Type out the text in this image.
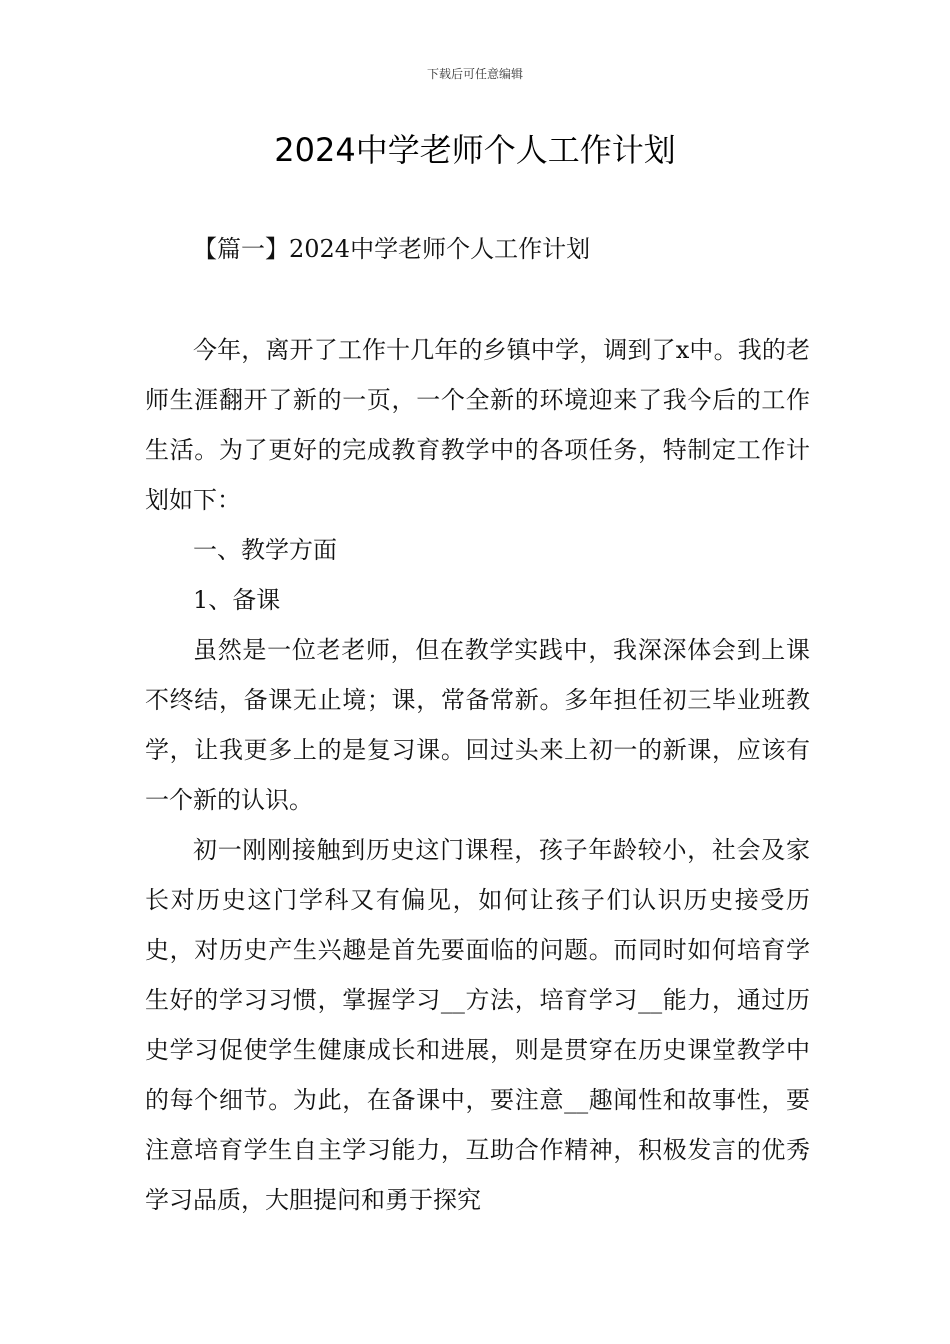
下载后可任意编辑
2024中学老师个人工作计划
【篇一】2024中学老师个人工作计划

今年，离开了工作十几年的乡镇中学，调到了x中。我的老师生涯翻开了新的一页，一个全新的环境迎来了我今后的工作生活。为了更好的完成教育教学中的各项任务，特制定工作计划如下：

一、教学方面

1、备课

虽然是一位老老师，但在教学实践中，我深深体会到上课不终结，备课无止境；课，常备常新。多年担任初三毕业班教学，让我更多上的是复习课。回过头来上初一的新课，应该有一个新的认识。

初一刚刚接触到历史这门课程，孩子年龄较小，社会及家长对历史这门学科又有偏见，如何让孩子们认识历史接受历史，对历史产生兴趣是首先要面临的问题。而同时如何培育学生好的学习习惯，掌握学习__方法，培育学习__能力，通过历史学习促使学生健康成长和进展，则是贯穿在历史课堂教学中的每个细节。为此，在备课中，要注意__趣闻性和故事性，要注意培育学生自主学习能力，互助合作精神，积极发言的优秀学习品质，大胆提问和勇于探究
